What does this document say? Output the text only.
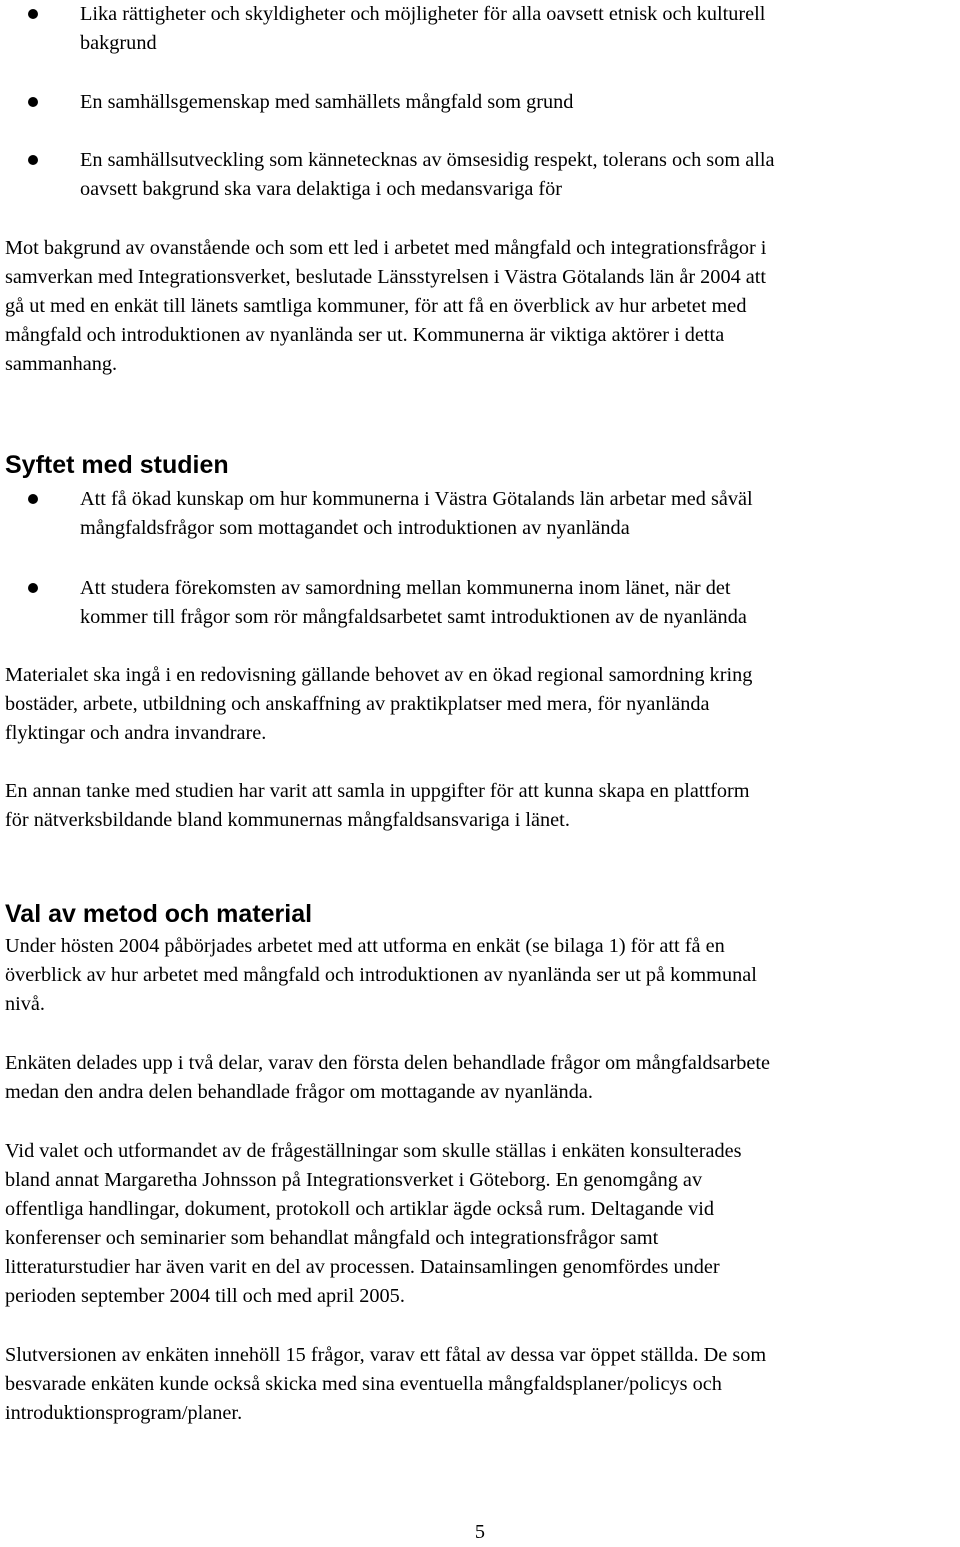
Lika rättigheter och skyldigheter och möjligheter för alla oavsett etnisk och kulturell
bakgrund

En samhällsgemenskap med samhällets mångfald som grund

En samhällsutveckling som kännetecknas av ömsesidig respekt, tolerans och som alla
oavsett bakgrund ska vara delaktiga i och medansvariga för

Mot bakgrund av ovanstående och som ett led i arbetet med mångfald och integrationsfrågor i
samverkan med Integrationsverket, beslutade Länsstyrelsen i Västra Götalands län år 2004 att
gå ut med en enkät till länets samtliga kommuner, för att få en överblick av hur arbetet med
mångfald och introduktionen av nyanlända ser ut. Kommunerna är viktiga aktörer i detta
sammanhang.

Syftet med studien

Att få ökad kunskap om hur kommunerna i Västra Götalands län arbetar med såväl
mångfaldsfrågor som mottagandet och introduktionen av nyanlända

Att studera förekomsten av samordning mellan kommunerna inom länet, när det
kommer till frågor som rör mångfaldsarbetet samt introduktionen av de nyanlända

Materialet ska ingå i en redovisning gällande behovet av en ökad regional samordning kring
bostäder, arbete, utbildning och anskaffning av praktikplatser med mera, för nyanlända
flyktingar och andra invandrare.

En annan tanke med studien har varit att samla in uppgifter för att kunna skapa en plattform
för nätverksbildande bland kommunernas mångfaldsansvariga i länet.

Val av metod och material

Under hösten 2004 påbörjades arbetet med att utforma en enkät (se bilaga 1) för att få en
överblick av hur arbetet med mångfald och introduktionen av nyanlända ser ut på kommunal
nivå.

Enkäten delades upp i två delar, varav den första delen behandlade frågor om mångfaldsarbete
medan den andra delen behandlade frågor om mottagande av nyanlända.

Vid valet och utformandet av de frågeställningar som skulle ställas i enkäten konsulterades
bland annat Margaretha Johnsson på Integrationsverket i Göteborg. En genomgång av
offentliga handlingar, dokument, protokoll och artiklar ägde också rum. Deltagande vid
konferenser och seminarier som behandlat mångfald och integrationsfrågor samt
litteraturstudier har även varit en del av processen. Datainsamlingen genomfördes under
perioden september 2004 till och med april 2005.

Slutversionen av enkäten innehöll 15 frågor, varav ett fåtal av dessa var öppet ställda. De som
besvarade enkäten kunde också skicka med sina eventuella mångfaldsplaner/policys och
introduktionsprogram/planer.

5
